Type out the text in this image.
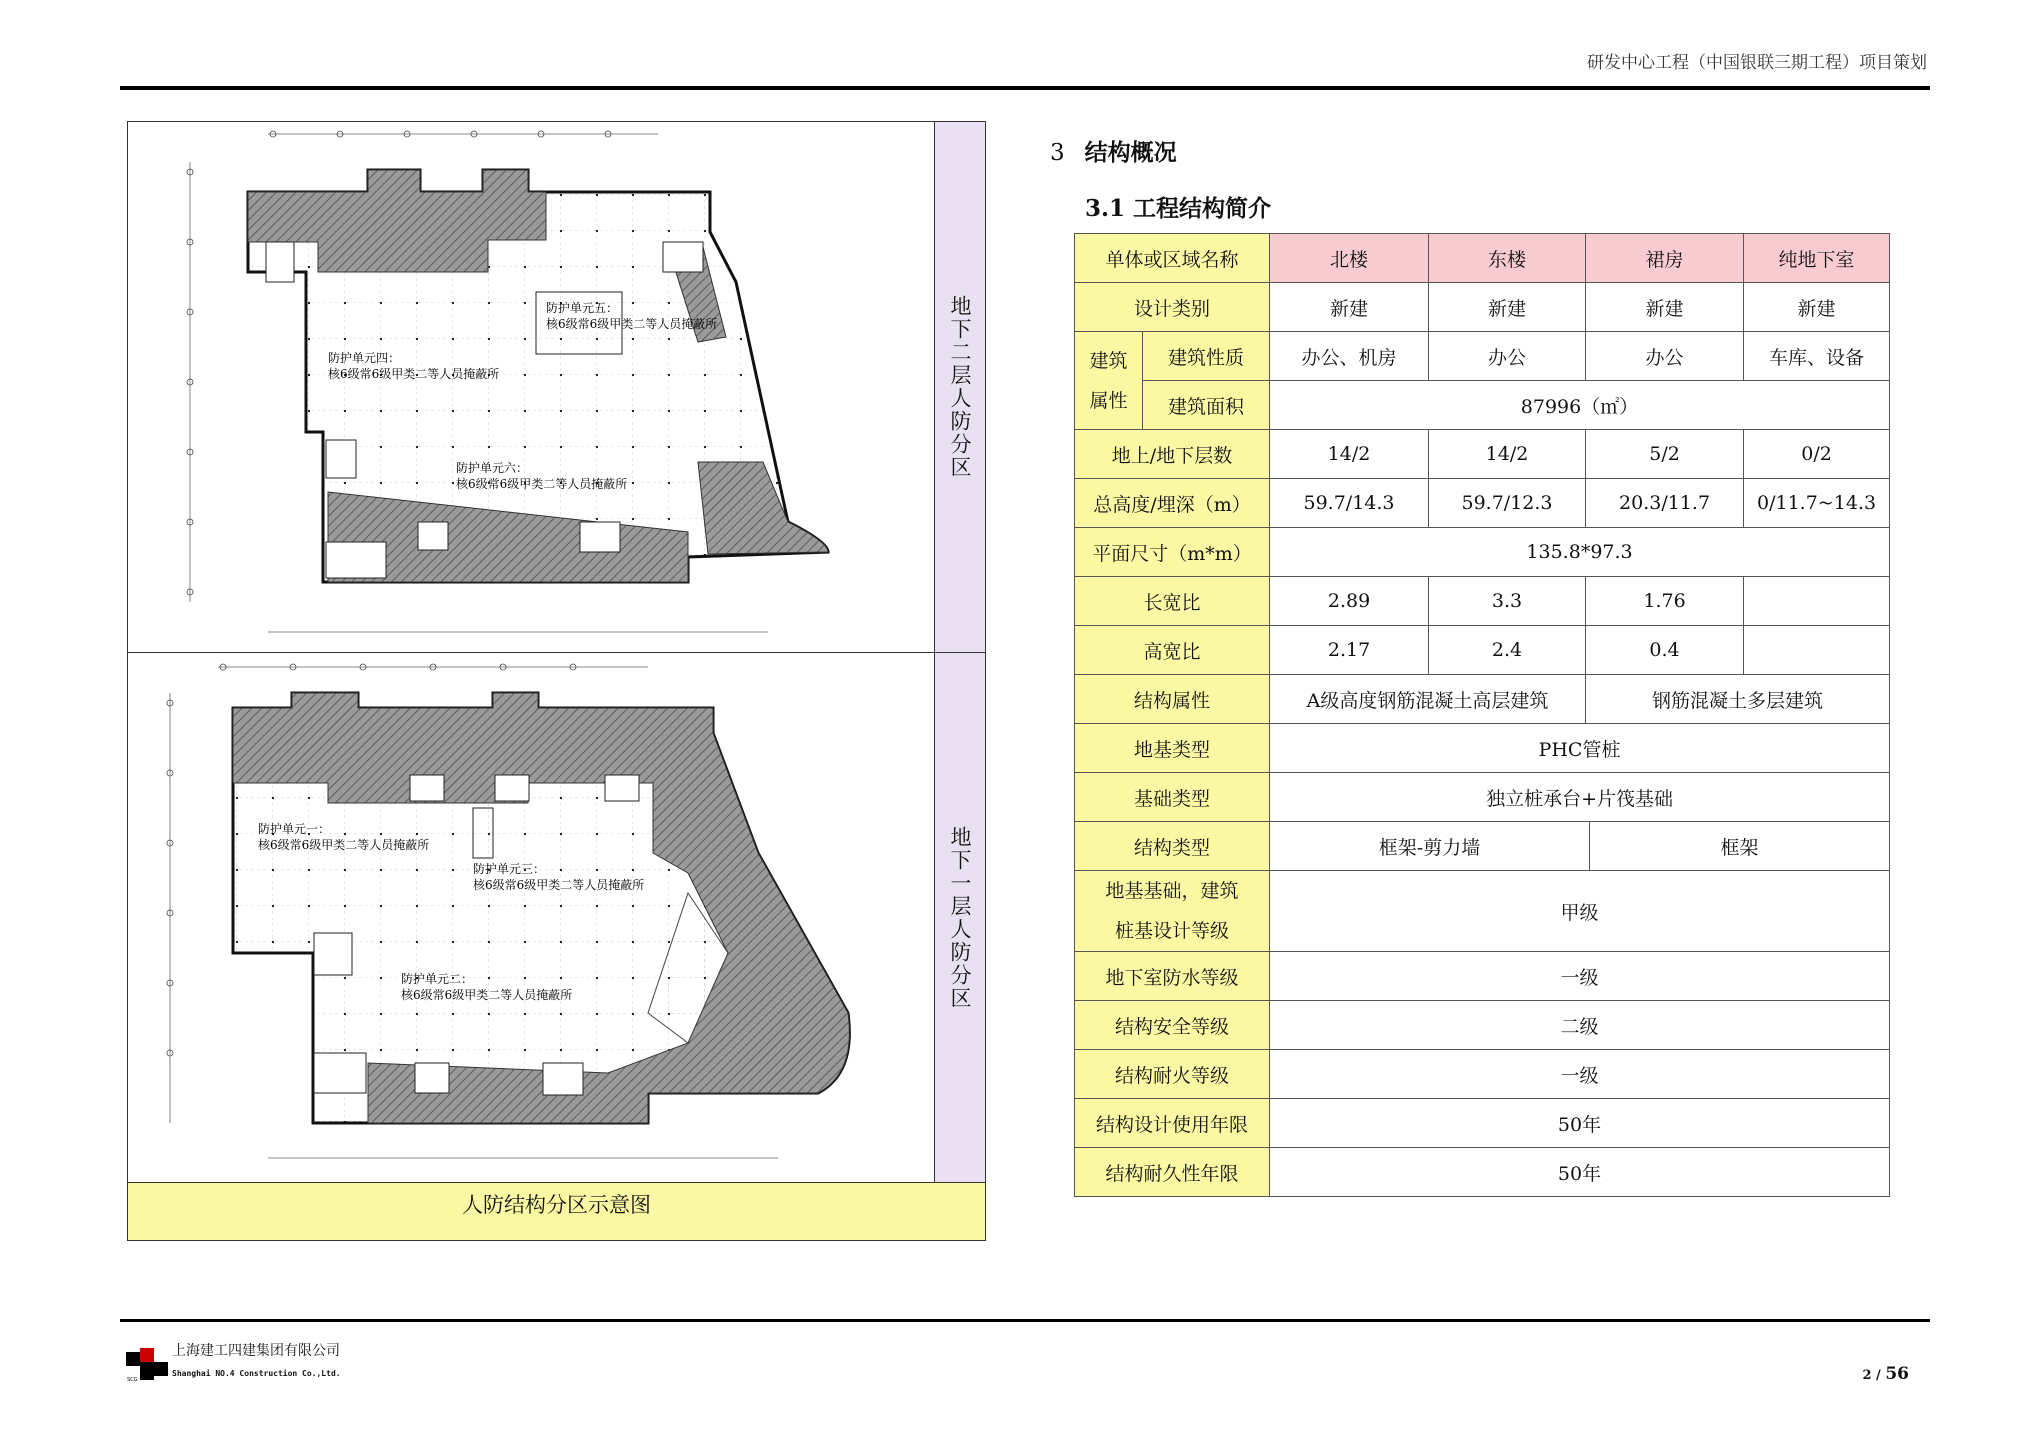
研发中心工程（中国银联三期工程）项目策划
防护单元五：
核6级常6级甲类二等人员掩蔽所
防护单元四：
核6级常6级甲类二等人员掩蔽所
防护单元六：
核6级常6级甲类二等人员掩蔽所
防护单元一：
核6级常6级甲类二等人员掩蔽所
防护单元三：
核6级常6级甲类二等人员掩蔽所
防护单元二：
核6级常6级甲类二等人员掩蔽所
地下二层人防分区
地下一层人防分区
人防结构分区示意图
3 结构概况
3.1 工程结构简介
单体或区域名称		北楼	东楼	裙房		纯地下室
设计类别		新建	新建	新建		新建

建筑
属性	建筑性质	办公、机房	办公	办公		车库、设备
	建筑面积	87996（㎡）				
地上/地下层数		14/2	14/2	5/2		0/2
总高度/埋深（m）		59.7/14.3	59.7/12.3	20.3/11.7		0/11.7~14.3
平面尺寸（m*m）		135.8*97.3				
长宽比		2.89	3.3	1.76		
高宽比		2.17	2.4	0.4		
结构属性		A级高度钢筋混凝土高层建筑		钢筋混凝土多层建筑		
地基类型		PHC管桩				
基础类型		独立桩承台+片筏基础				
结构类型		框架-剪力墙			框架	

地基基础，建筑
桩基设计等级		甲级				
地下室防水等级		一级				
结构安全等级		二级				
结构耐火等级		一级				
结构设计使用年限		50年				
结构耐久性年限		50年				
SCG
上海建工四建集团有限公司
Shanghai NO.4 Construction Co.,Ltd.	2 / 56
